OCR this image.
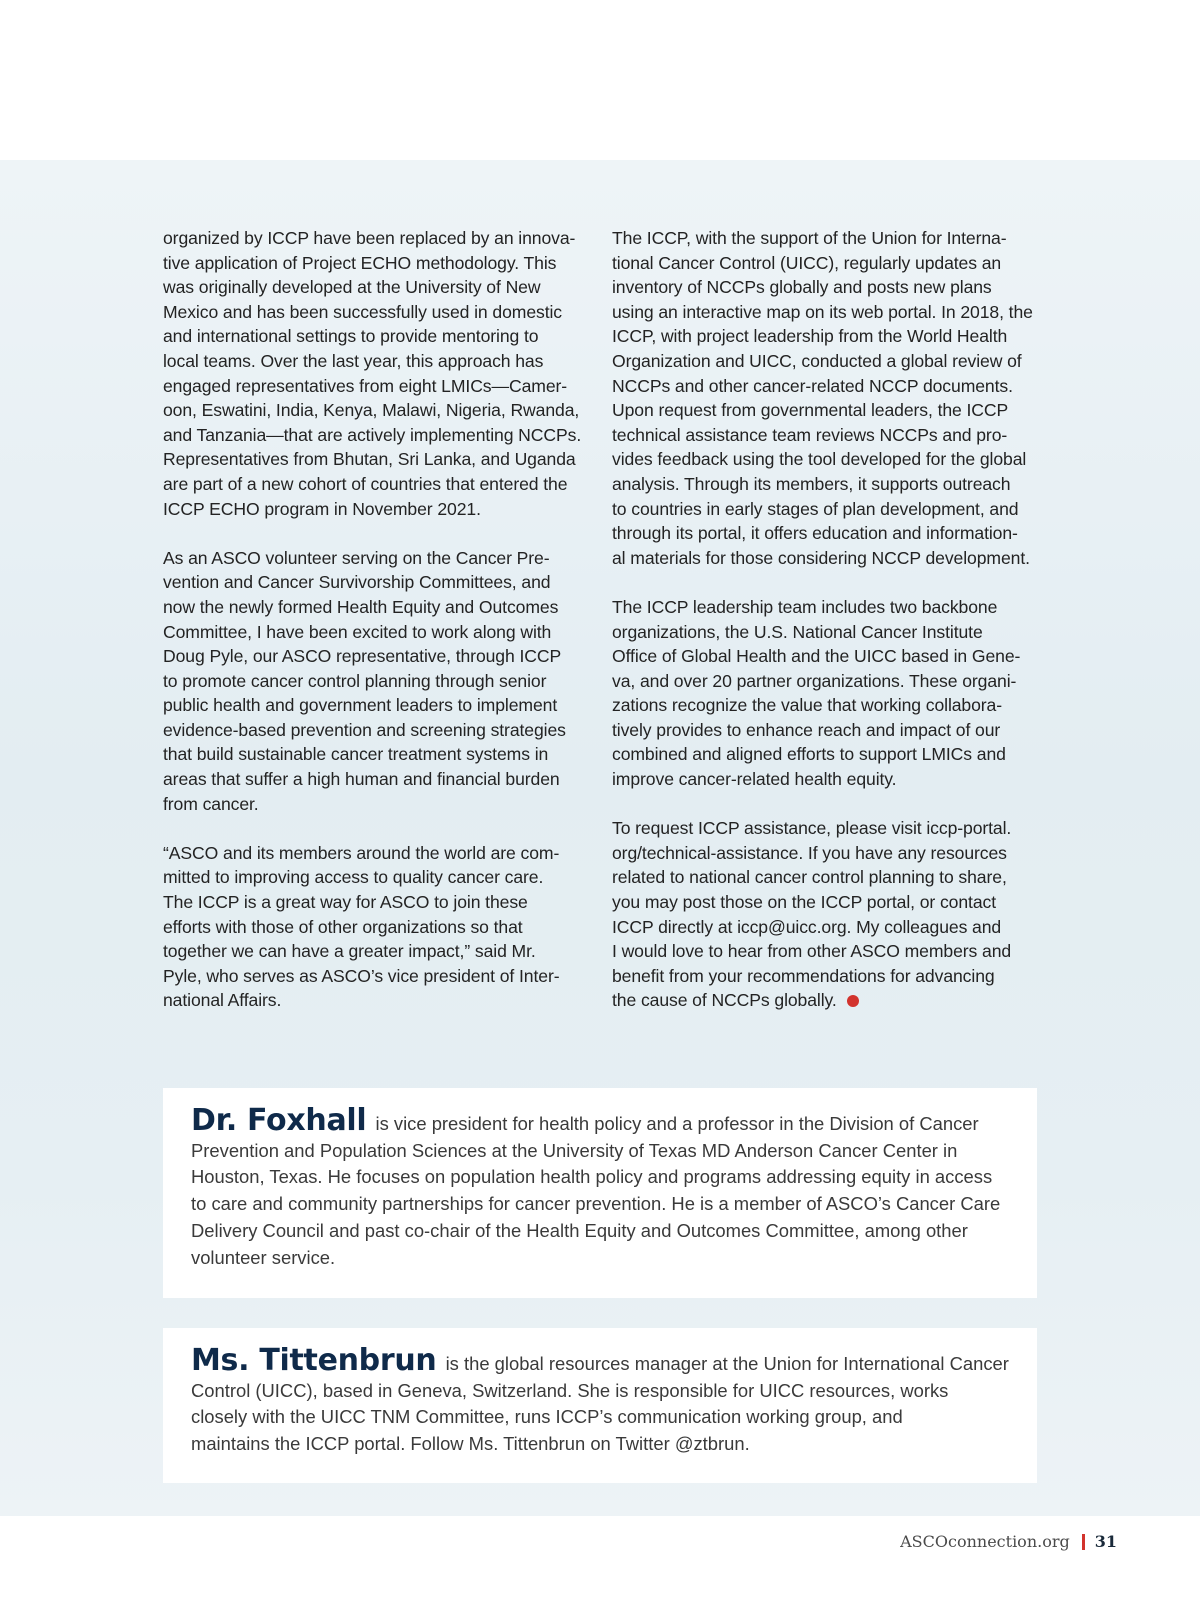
organized by ICCP have been replaced by an innova-
tive application of Project ECHO methodology. This
was originally developed at the University of New
Mexico and has been successfully used in domestic
and international settings to provide mentoring to
local teams. Over the last year, this approach has
engaged representatives from eight LMICs—Camer-
oon, Eswatini, India, Kenya, Malawi, Nigeria, Rwanda,
and Tanzania—that are actively implementing NCCPs.
Representatives from Bhutan, Sri Lanka, and Uganda
are part of a new cohort of countries that entered the
ICCP ECHO program in November 2021.

As an ASCO volunteer serving on the Cancer Pre-
vention and Cancer Survivorship Committees, and
now the newly formed Health Equity and Outcomes
Committee, I have been excited to work along with
Doug Pyle, our ASCO representative, through ICCP
to promote cancer control planning through senior
public health and government leaders to implement
evidence-based prevention and screening strategies
that build sustainable cancer treatment systems in
areas that suffer a high human and financial burden
from cancer.

“ASCO and its members around the world are com-
mitted to improving access to quality cancer care.
The ICCP is a great way for ASCO to join these
efforts with those of other organizations so that
together we can have a greater impact,” said Mr.
Pyle, who serves as ASCO’s vice president of Inter-
national Affairs.

The ICCP, with the support of the Union for Interna-
tional Cancer Control (UICC), regularly updates an
inventory of NCCPs globally and posts new plans
using an interactive map on its web portal. In 2018, the
ICCP, with project leadership from the World Health
Organization and UICC, conducted a global review of
NCCPs and other cancer-related NCCP documents.
Upon request from governmental leaders, the ICCP
technical assistance team reviews NCCPs and pro-
vides feedback using the tool developed for the global
analysis. Through its members, it supports outreach
to countries in early stages of plan development, and
through its portal, it offers education and information-
al materials for those considering NCCP development.

The ICCP leadership team includes two backbone
organizations, the U.S. National Cancer Institute
Office of Global Health and the UICC based in Gene-
va, and over 20 partner organizations. These organi-
zations recognize the value that working collabora-
tively provides to enhance reach and impact of our
combined and aligned efforts to support LMICs and
improve cancer-related health equity.

To request ICCP assistance, please visit iccp-portal.
org/technical-assistance. If you have any resources
related to national cancer control planning to share,
you may post those on the ICCP portal, or contact
ICCP directly at iccp@uicc.org. My colleagues and
I would love to hear from other ASCO members and
benefit from your recommendations for advancing
the cause of NCCPs globally.

Dr. Foxhall is vice president for health policy and a professor in the Division of Cancer
Prevention and Population Sciences at the University of Texas MD Anderson Cancer Center in
Houston, Texas. He focuses on population health policy and programs addressing equity in access
to care and community partnerships for cancer prevention. He is a member of ASCO’s Cancer Care
Delivery Council and past co-chair of the Health Equity and Outcomes Committee, among other
volunteer service.
Ms. Tittenbrun is the global resources manager at the Union for International Cancer
Control (UICC), based in Geneva, Switzerland. She is responsible for UICC resources, works
closely with the UICC TNM Committee, runs ICCP’s communication working group, and
maintains the ICCP portal. Follow Ms. Tittenbrun on Twitter @ztbrun.
ASCOconnection.org 31
